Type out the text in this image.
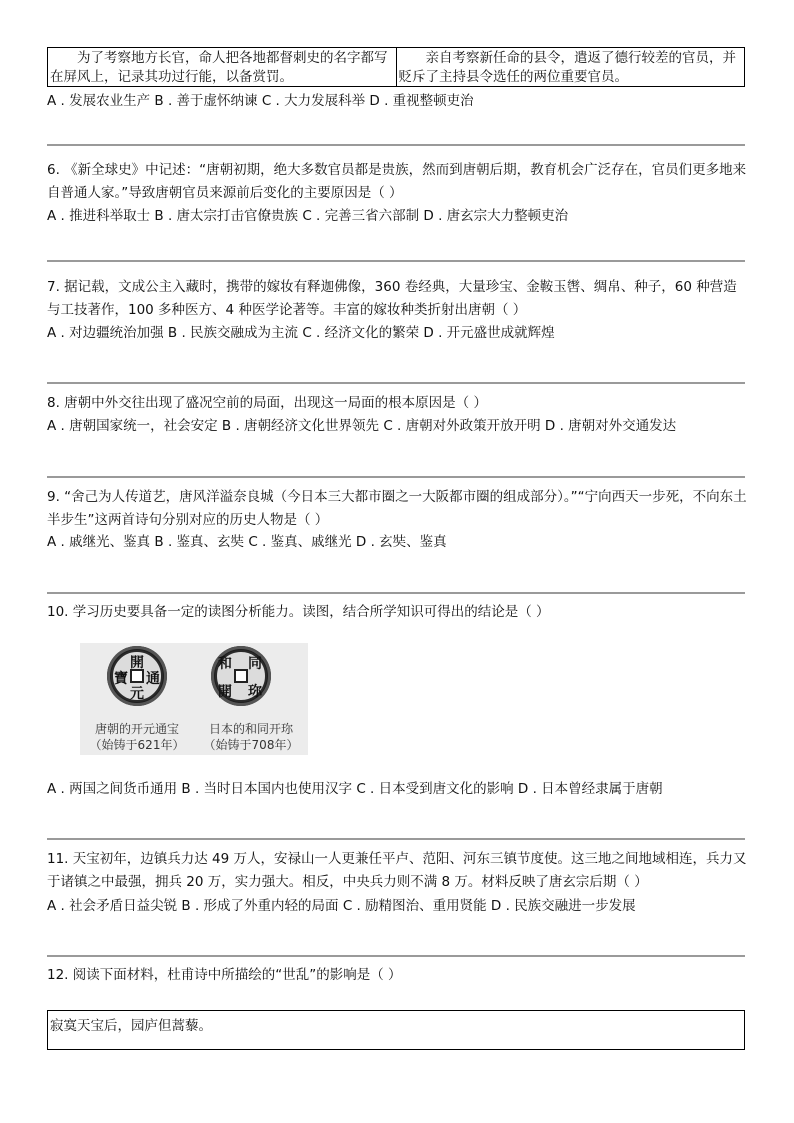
为了考察地方长官，命人把各地都督刺史的名字都写在屏风上，记录其功过行能，以备赏罚。
亲自考察新任命的县令，遣返了德行较差的官员，并贬斥了主持县令选任的两位重要官员。
A . 发展农业生产 B . 善于虚怀纳谏 C . 大力发展科举 D . 重视整顿吏治
6. 《新全球史》中记述：“唐朝初期，绝大多数官员都是贵族，然而到唐朝后期，教育机会广泛存在，官员们更多地来自普通人家。”导致唐朝官员来源前后变化的主要原因是（ ）
A . 推进科举取士 B . 唐太宗打击官僚贵族 C . 完善三省六部制 D . 唐玄宗大力整顿吏治
7. 据记载，文成公主入藏时，携带的嫁妆有释迦佛像，360 卷经典，大量珍宝、金鞍玉辔、绸帛、种子，60 种营造与工技著作，100 多种医方、4 种医学论著等。丰富的嫁妆种类折射出唐朝（ ）
A . 对边疆统治加强 B . 民族交融成为主流 C . 经济文化的繁荣 D . 开元盛世成就辉煌
8. 唐朝中外交往出现了盛况空前的局面，出现这一局面的根本原因是（ ）
A . 唐朝国家统一，社会安定 B . 唐朝经济文化世界领先 C . 唐朝对外政策开放开明 D . 唐朝对外交通发达
9. “舍己为人传道艺，唐风洋溢奈良城（今日本三大都市圈之一大阪都市圈的组成部分）。”“宁向西天一步死，不向东土半步生”这两首诗句分别对应的历史人物是（ ）
A . 戚继光、鉴真 B . 鉴真、玄奘 C . 鉴真、戚继光 D . 玄奘、鉴真
10. 学习历史要具备一定的读图分析能力。读图，结合所学知识可得出的结论是（ ）
開
通
元
寶
唐朝的开元通宝
（始铸于621年）
和 同
開 珎
日本的和同开珎
（始铸于708年）
A . 两国之间货币通用 B . 当时日本国内也使用汉字 C . 日本受到唐文化的影响 D . 日本曾经隶属于唐朝
11. 天宝初年，边镇兵力达 49 万人，安禄山一人更兼任平卢、范阳、河东三镇节度使。这三地之间地域相连，兵力又于诸镇之中最强，拥兵 20 万，实力强大。相反，中央兵力则不满 8 万。材料反映了唐玄宗后期（ ）
A . 社会矛盾日益尖锐 B . 形成了外重内轻的局面 C . 励精图治、重用贤能 D . 民族交融进一步发展
12. 阅读下面材料，杜甫诗中所描绘的“世乱”的影响是（ ）
寂寞天宝后，园庐但蒿藜。
